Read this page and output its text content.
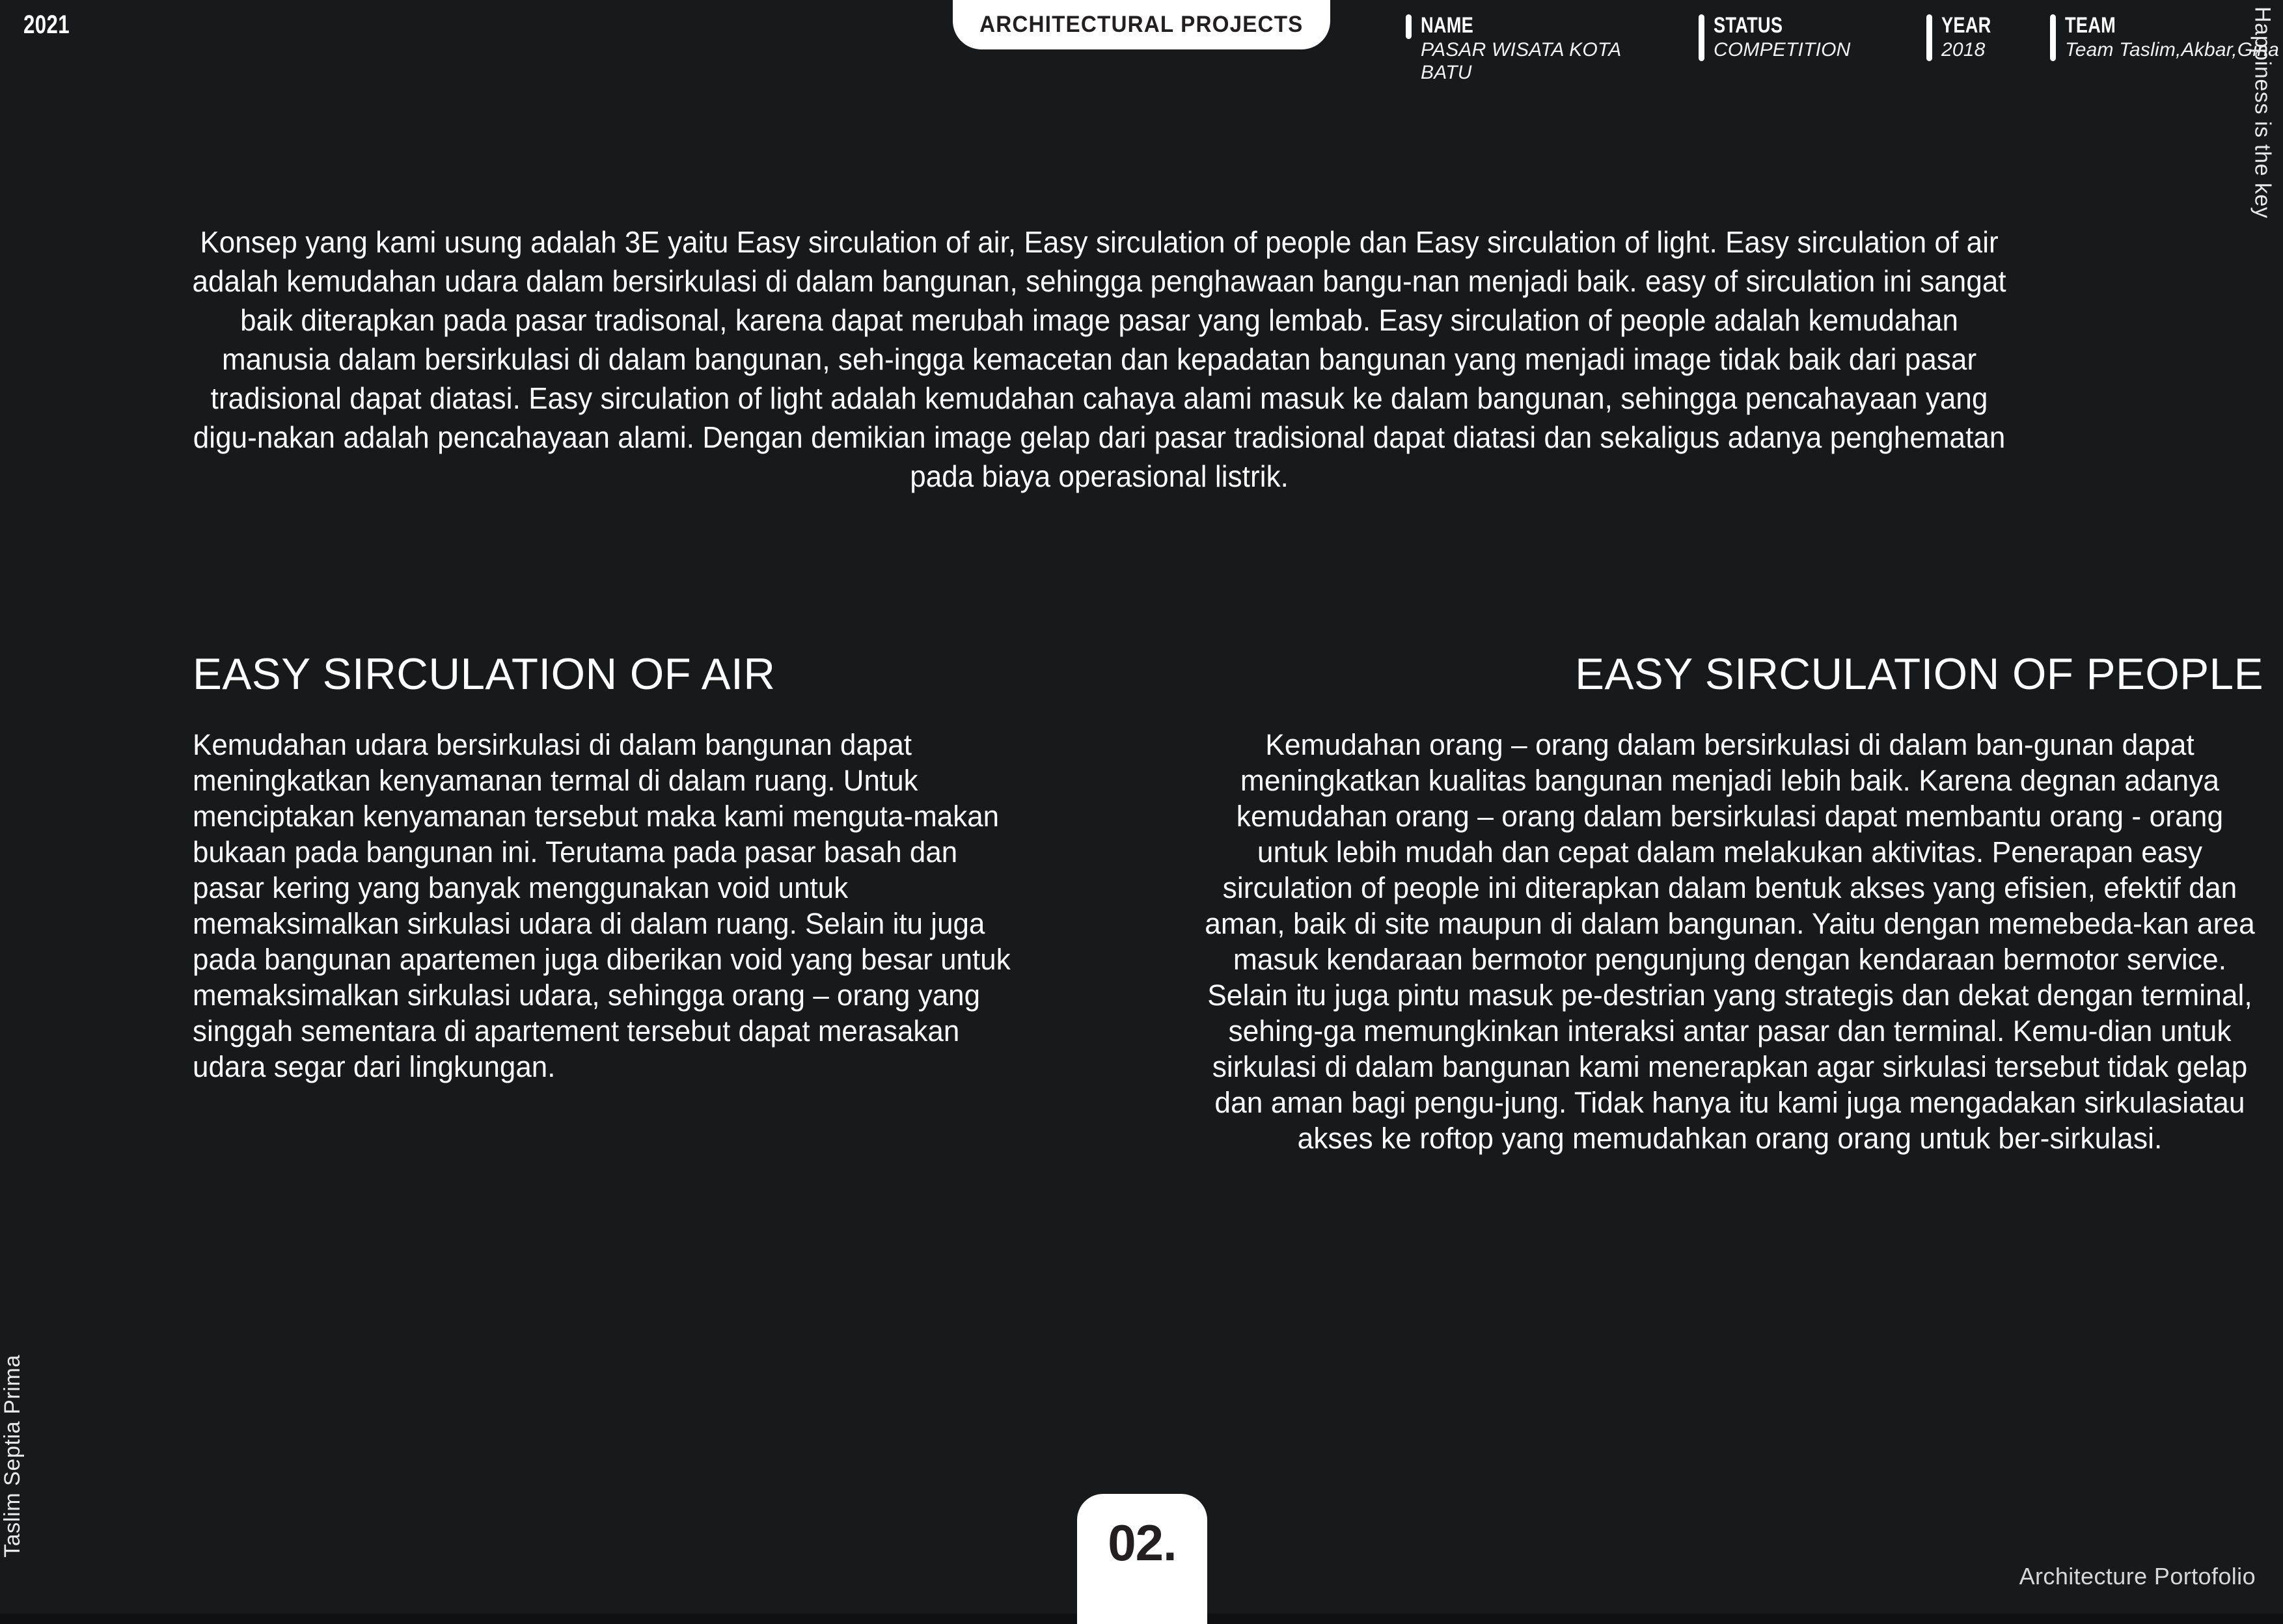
2021	ARCHITECTURAL PROJECTS	NAME
PASAR WISATA KOTA BATU
STATUS
COMPETITION
YEAR
2018
TEAM
Team Taslim,Akbar,Gina
Happiness is the key
Taslim Septia Prima
Konsep yang kami usung adalah 3E yaitu Easy sirculation of air, Easy sirculation of people dan Easy sirculation of light. Easy sirculation of air adalah kemudahan udara dalam bersirkulasi di dalam bangunan, sehingga penghawaan bangu-nan menjadi baik. easy of sirculation ini sangat baik diterapkan pada pasar tradisonal, karena dapat merubah image pasar yang lembab. Easy sirculation of people adalah kemudahan manusia dalam bersirkulasi di dalam bangunan, seh-ingga kemacetan dan kepadatan bangunan yang menjadi image tidak baik dari pasar tradisional dapat diatasi. Easy sirculation of light adalah kemudahan cahaya alami masuk ke dalam bangunan, sehingga pencahayaan yang digu-nakan adalah pencahayaan alami. Dengan demikian image gelap dari pasar tradisional dapat diatasi dan sekaligus adanya penghematan pada biaya operasional listrik.
EASY SIRCULATION OF AIR

Kemudahan udara bersirkulasi di dalam bangunan dapat meningkatkan kenyamanan termal di dalam ruang. Untuk menciptakan kenyamanan tersebut maka kami menguta-makan bukaan pada bangunan ini. Terutama pada pasar basah dan pasar kering yang banyak menggunakan void untuk memaksimalkan sirkulasi udara di dalam ruang. Selain itu juga pada bangunan apartemen juga diberikan void yang besar untuk memaksimalkan sirkulasi udara, sehingga orang – orang yang singgah sementara di apartement tersebut dapat merasakan udara segar dari lingkungan.

EASY SIRCULATION OF PEOPLE

Kemudahan orang – orang dalam bersirkulasi di dalam ban-gunan dapat meningkatkan kualitas bangunan menjadi lebih baik. Karena degnan adanya kemudahan orang – orang dalam bersirkulasi dapat membantu orang - orang untuk lebih mudah dan cepat dalam melakukan aktivitas. Penerapan easy sirculation of people ini diterapkan dalam bentuk akses yang efisien, efektif dan aman, baik di site maupun di dalam bangunan. Yaitu dengan memebeda-kan area masuk kendaraan bermotor pengunjung dengan kendaraan bermotor service. Selain itu juga pintu masuk pe-destrian yang strategis dan dekat dengan terminal, sehing-ga memungkinkan interaksi antar pasar dan terminal. Kemu-dian untuk sirkulasi di dalam bangunan kami menerapkan agar sirkulasi tersebut tidak gelap dan aman bagi pengu-jung. Tidak hanya itu kami juga mengadakan sirkulasiatau akses ke roftop yang memudahkan orang orang untuk ber-sirkulasi.

02.
Architecture Portofolio
